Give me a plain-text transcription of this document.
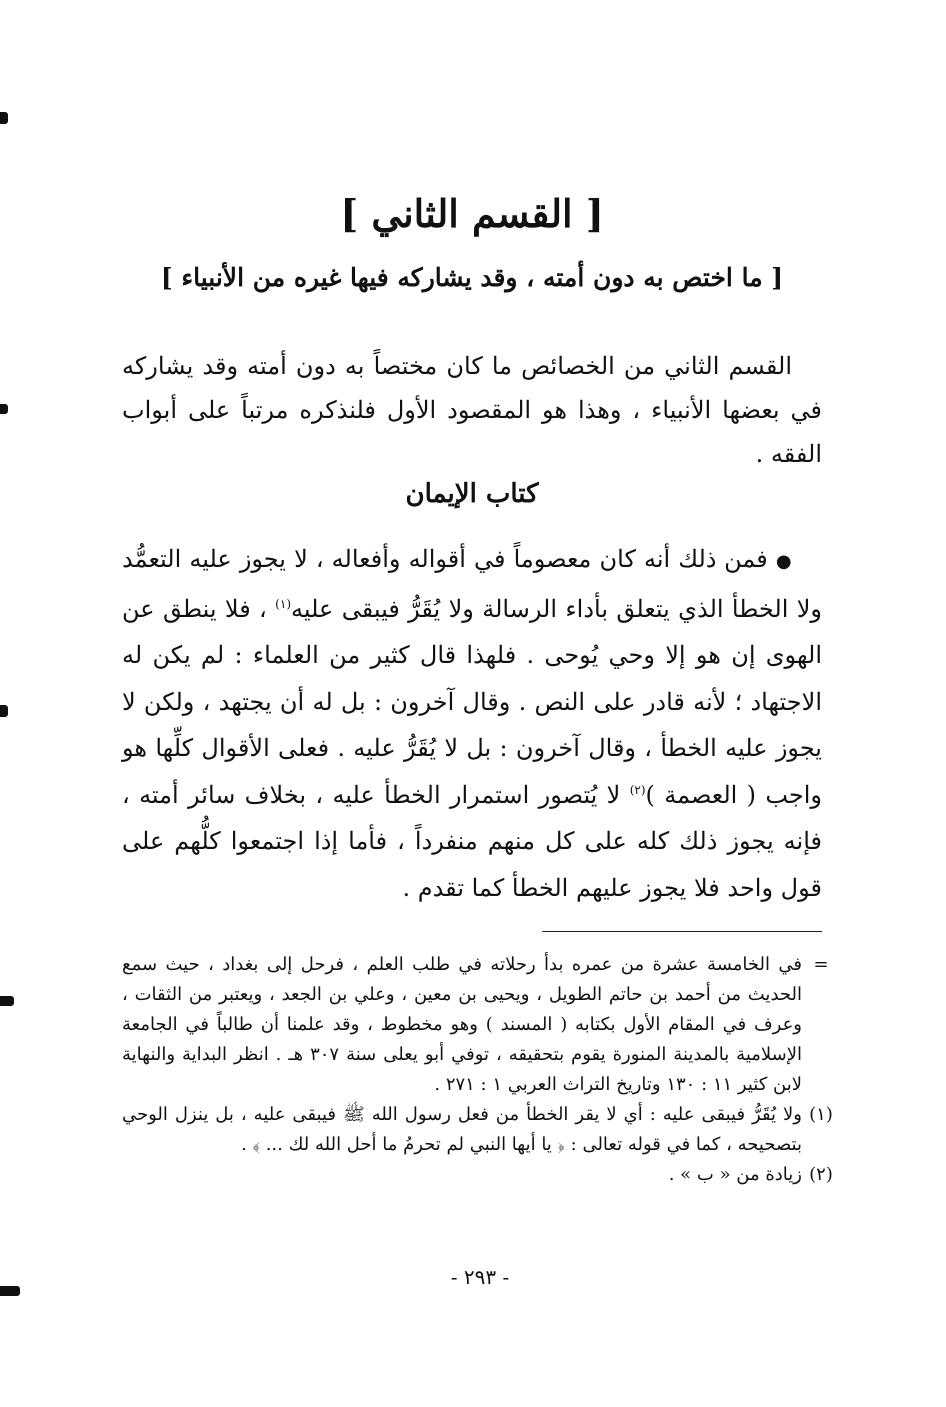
[ القسم الثاني ]
[ ما اختص به دون أمته ، وقد يشاركه فيها غيره من الأنبياء ]

القسم الثاني من الخصائص ما كان مختصاً به دون أمته وقد يشاركه في بعضها الأنبياء ، وهذا هو المقصود الأول فلنذكره مرتباً على أبواب الفقه .

كتاب الإيمان

● فمن ذلك أنه كان معصوماً في أقواله وأفعاله ، لا يجوز عليه التعمُّد ولا الخطأ الذي يتعلق بأداء الرسالة ولا يُقَرُّ فيبقى عليه$^{(١)}$ ، فلا ينطق عن الهوى إن هو إلا وحي يُوحى . فلهذا قال كثير من العلماء : لم يكن له الاجتهاد ؛ لأنه قادر على النص . وقال آخرون : بل له أن يجتهد ، ولكن لا يجوز عليه الخطأ ، وقال آخرون : بل لا يُقَرُّ عليه . فعلى الأقوال كلِّها هو واجب ( العصمة )$^{(٢)}$ لا يُتصور استمرار الخطأ عليه ، بخلاف سائر أمته ، فإنه يجوز ذلك كله على كل منهم منفرداً ، فأما إذا اجتمعوا كلُّهم على قول واحد فلا يجوز عليهم الخطأ كما تقدم .

=
في الخامسة عشرة من عمره بدأ رحلاته في طلب العلم ، فرحل إلى بغداد ، حيث سمع الحديث من أحمد بن حاتم الطويل ، ويحيى بن معين ، وعلي بن الجعد ، ويعتبر من الثقات ، وعرف في المقام الأول بكتابه ( المسند ) وهو مخطوط ، وقد علمنا أن طالباً في الجامعة الإسلامية بالمدينة المنورة يقوم بتحقيقه ، توفي أبو يعلى سنة ٣٠٧ هـ . انظر البداية والنهاية لابن كثير ١١ : ١٣٠ وتاريخ التراث العربي ١ : ٢٧١ .
(١)
ولا يُقَرُّ فيبقى عليه : أي لا يقر الخطأ من فعل رسول الله ﷺ فيبقى عليه ، بل ينزل الوحي بتصحيحه ، كما في قوله تعالى : ﴿ يا أيها النبي لم تحرمُ ما أحل الله لك ... ﴾ .
(٢)
زيادة من « ب » .
- ٢٩٣ -
